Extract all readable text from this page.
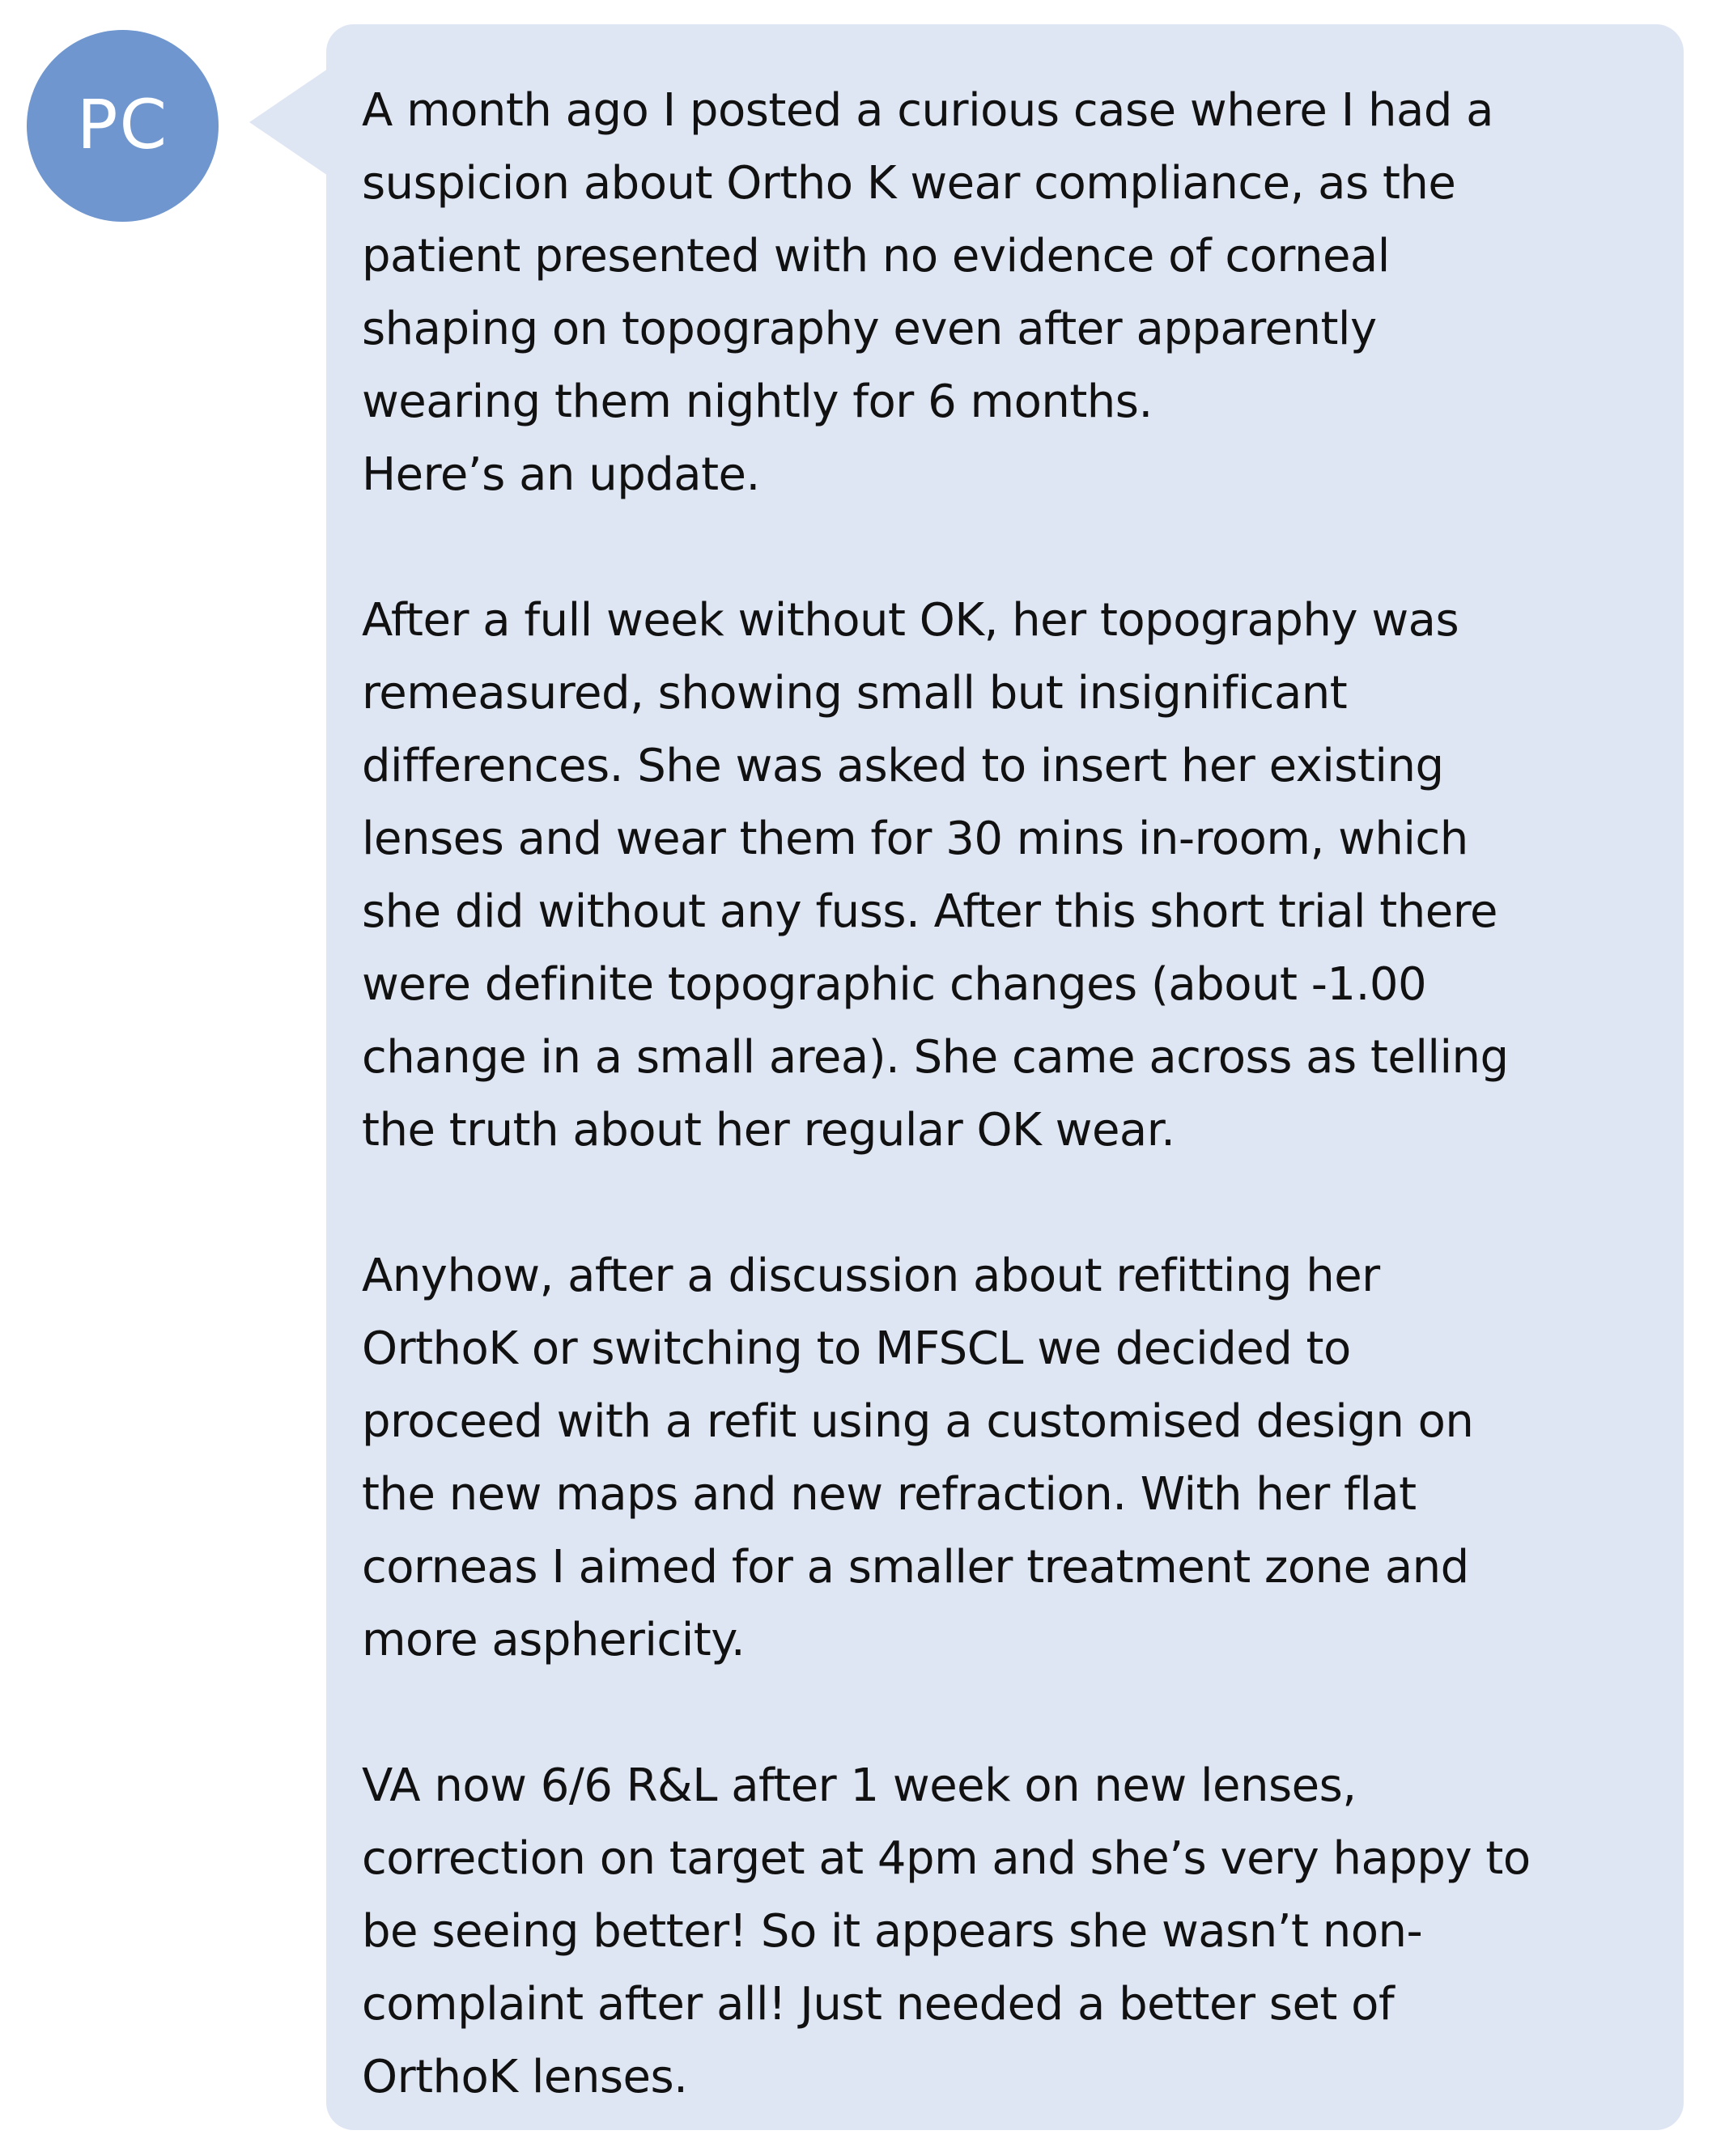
PC	A month ago I posted a curious case where I had a
suspicion about Ortho K wear compliance, as the
patient presented with no evidence of corneal
shaping on topography even after apparently
wearing them nightly for 6 months.
Here’s an update.

After a full week without OK, her topography was
remeasured, showing small but insignificant
differences. She was asked to insert her existing
lenses and wear them for 30 mins in-room, which
she did without any fuss. After this short trial there
were definite topographic changes (about -1.00
change in a small area). She came across as telling
the truth about her regular OK wear.

Anyhow, after a discussion about refitting her
OrthoK or switching to MFSCL we decided to
proceed with a refit using a customised design on
the new maps and new refraction. With her flat
corneas I aimed for a smaller treatment zone and
more asphericity.

VA now 6/6 R&L after 1 week on new lenses,
correction on target at 4pm and she’s very happy to
be seeing better! So it appears she wasn’t non-
complaint after all! Just needed a better set of
OrthoK lenses.
